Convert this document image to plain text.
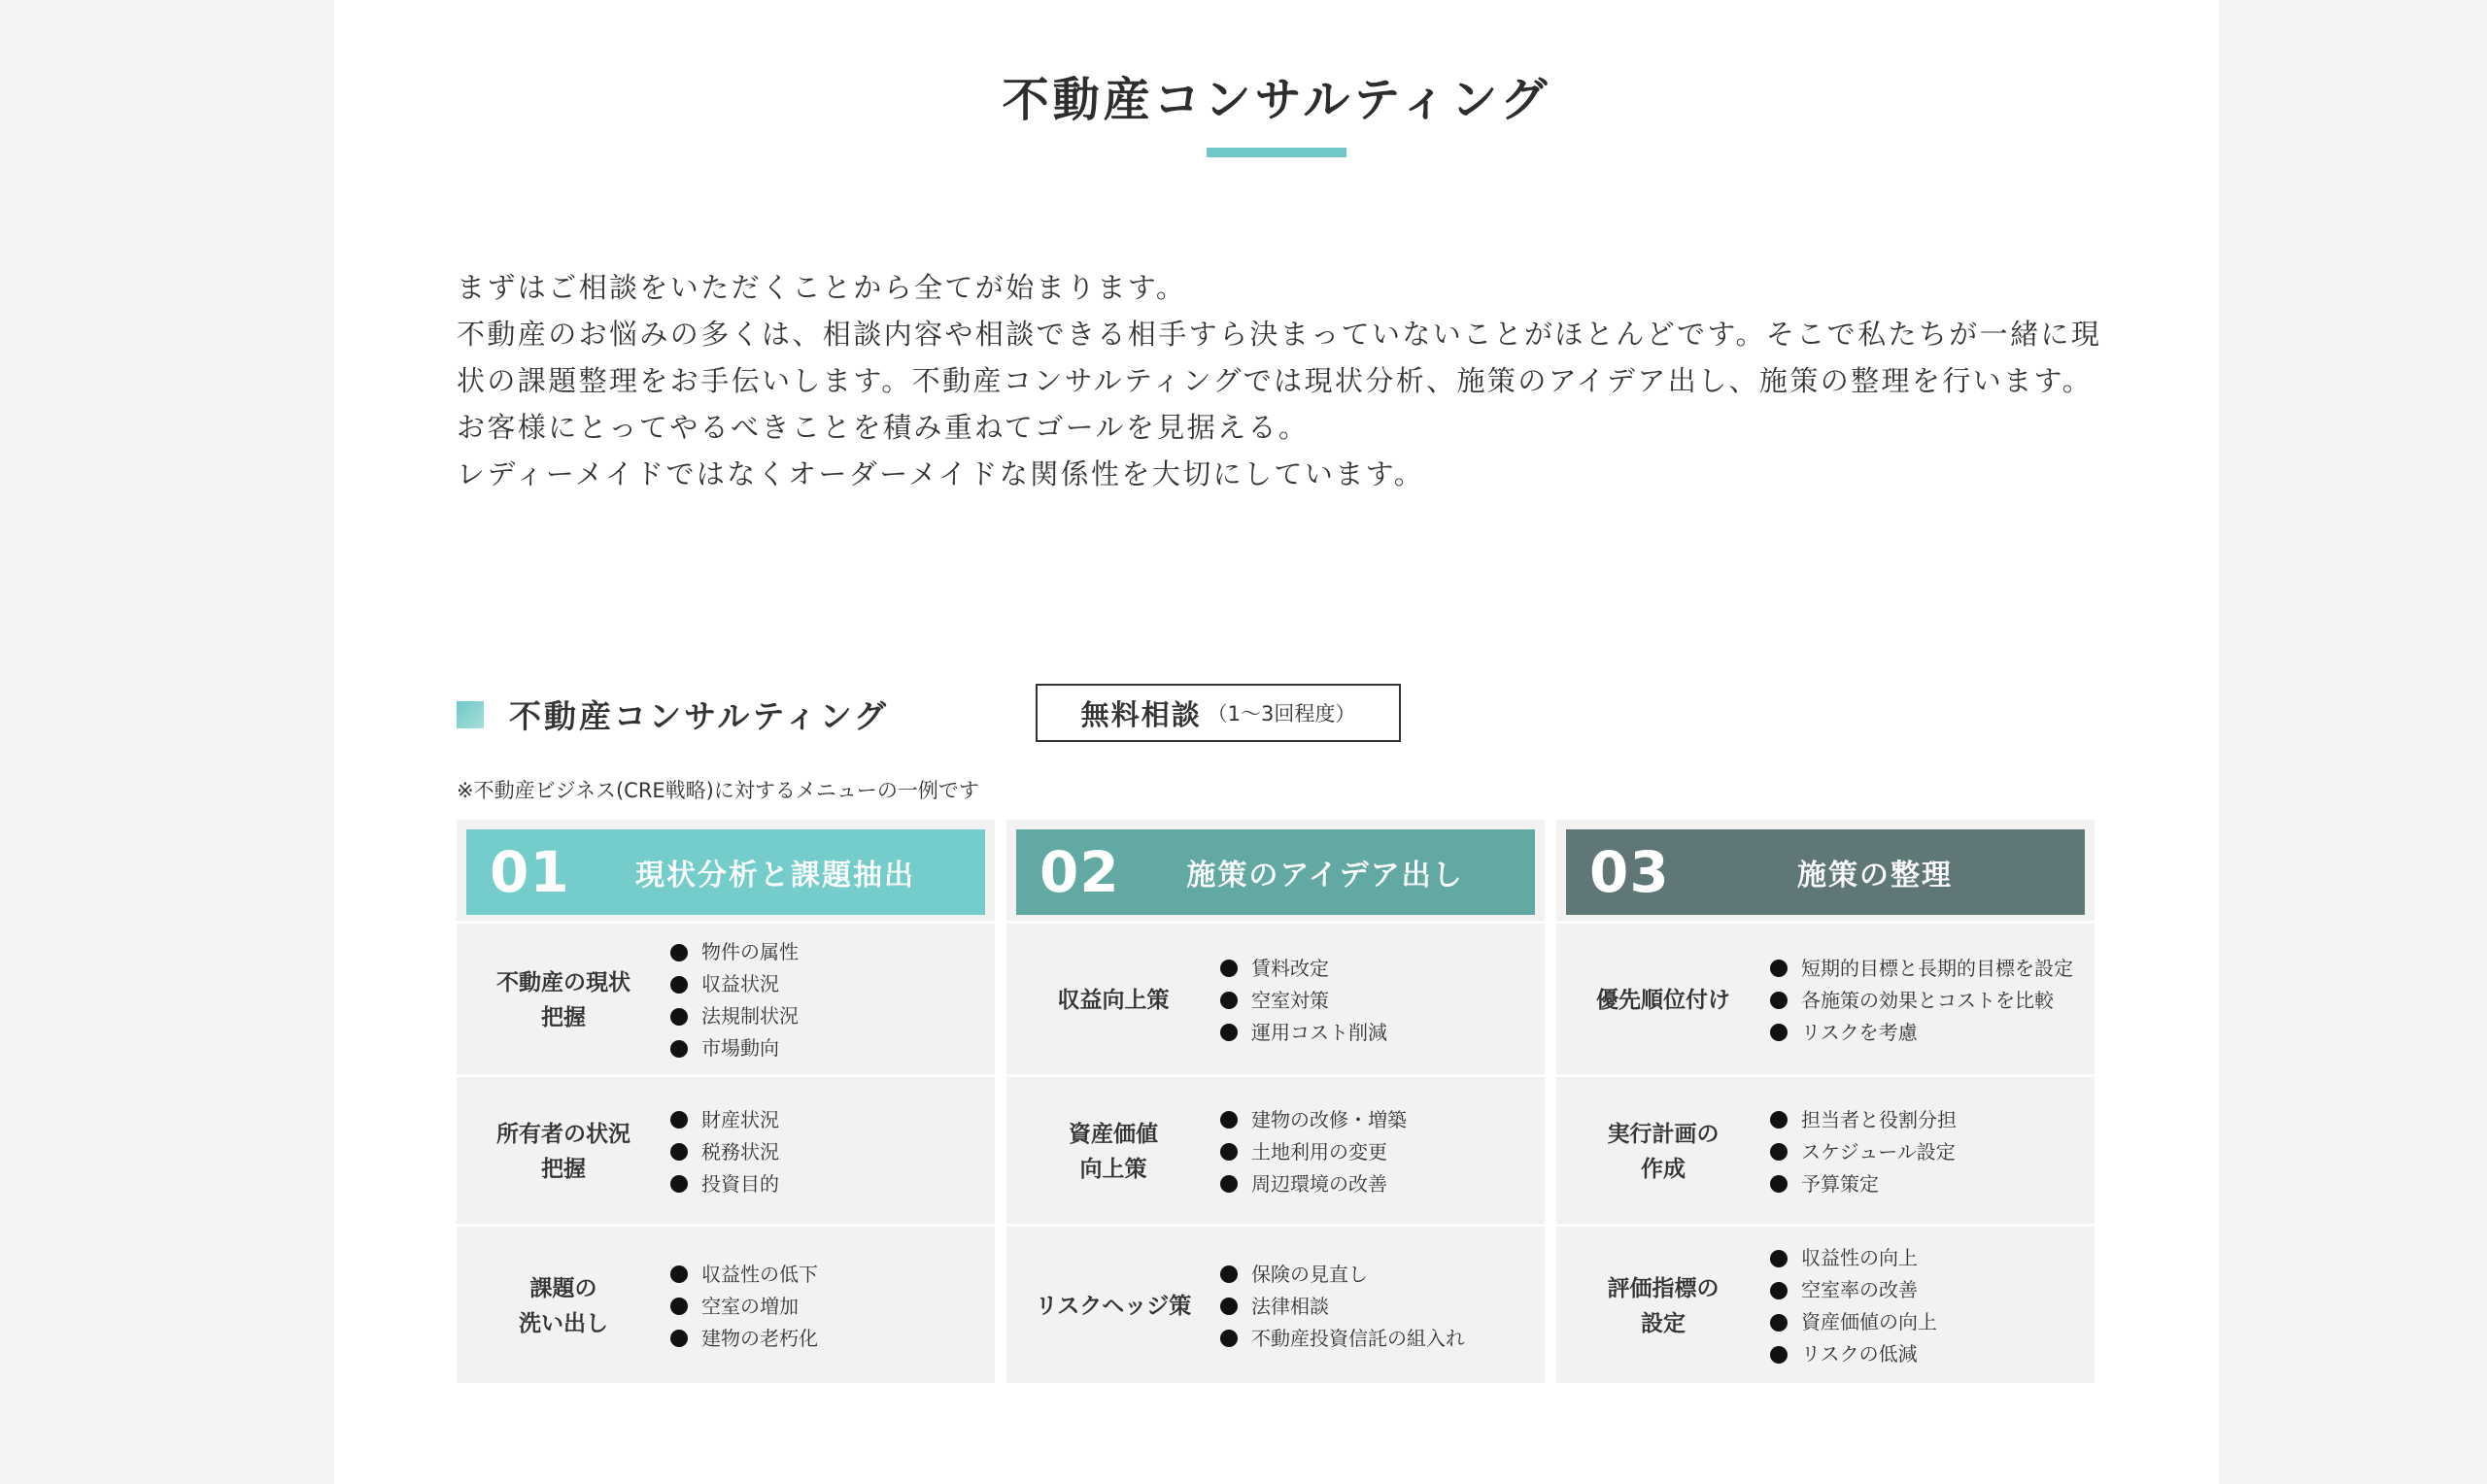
不動産コンサルティング

まずはご相談をいただくことから全てが始まります。

不動産のお悩みの多くは、相談内容や相談できる相手すら決まっていないことがほとんどです。そこで私たちが一緒に現状の課題整理をお手伝いします。不動産コンサルティングでは現状分析、施策のアイデア出し、施策の整理を行います。

お客様にとってやるべきことを積み重ねてゴールを見据える。

レディーメイドではなくオーダーメイドな関係性を大切にしています。

不動産コンサルティング	無料相談 （1〜3回程度）
※不動産ビジネス(CRE戦略)に対するメニューの一例です
01	現状分析と課題抽出
不動産の現状
把握
物件の属性
収益状況
法規制状況
市場動向
所有者の状況
把握
財産状況
税務状況
投資目的
課題の
洗い出し
収益性の低下
空室の増加
建物の老朽化
02	施策のアイデア出し
収益向上策
賃料改定
空室対策
運用コスト削減
資産価値
向上策
建物の改修・増築
土地利用の変更
周辺環境の改善
リスクヘッジ策
保険の見直し
法律相談
不動産投資信託の組入れ
03	施策の整理
優先順位付け
短期的目標と長期的目標を設定
各施策の効果とコストを比較
リスクを考慮
実行計画の
作成
担当者と役割分担
スケジュール設定
予算策定
評価指標の
設定
収益性の向上
空室率の改善
資産価値の向上
リスクの低減
